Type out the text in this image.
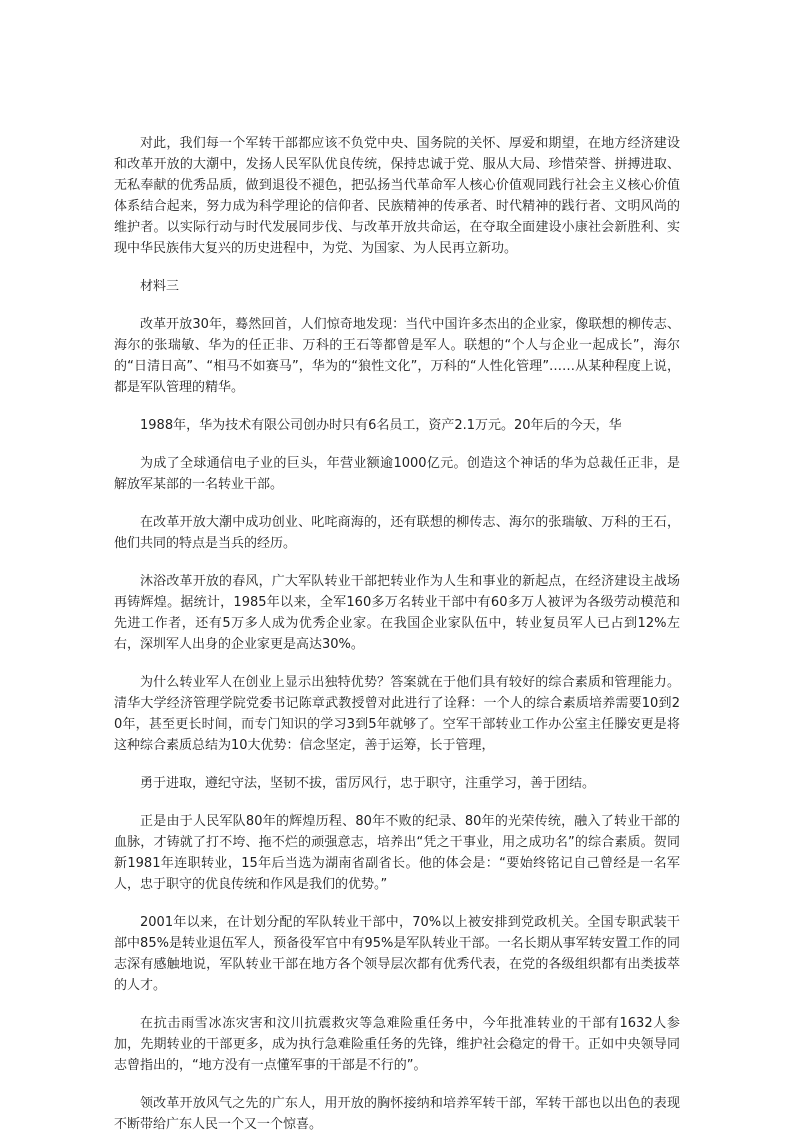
对此，我们每一个军转干部都应该不负党中央、国务院的关怀、厚爱和期望，在地方经济建设和改革开放的大潮中，发扬人民军队优良传统，保持忠诚于党、服从大局、珍惜荣誉、拼搏进取、无私奉献的优秀品质，做到退役不褪色，把弘扬当代革命军人核心价值观同践行社会主义核心价值体系结合起来，努力成为科学理论的信仰者、民族精神的传承者、时代精神的践行者、文明风尚的维护者。以实际行动与时代发展同步伐、与改革开放共命运，在夺取全面建设小康社会新胜利、实现中华民族伟大复兴的历史进程中，为党、为国家、为人民再立新功。

材料三

改革开放30年，蓦然回首，人们惊奇地发现：当代中国许多杰出的企业家，像联想的柳传志、海尔的张瑞敏、华为的任正非、万科的王石等都曾是军人。联想的“个人与企业一起成长”，海尔的“日清日高”、“相马不如赛马”，华为的“狼性文化”，万科的“人性化管理”……从某种程度上说，都是军队管理的精华。

1988年，华为技术有限公司创办时只有6名员工，资产2.1万元。20年后的今天，华

为成了全球通信电子业的巨头，年营业额逾1000亿元。创造这个神话的华为总裁任正非，是解放军某部的一名转业干部。

在改革开放大潮中成功创业、叱咤商海的，还有联想的柳传志、海尔的张瑞敏、万科的王石，他们共同的特点是当兵的经历。

沐浴改革开放的春风，广大军队转业干部把转业作为人生和事业的新起点，在经济建设主战场再铸辉煌。据统计，1985年以来，全军160多万名转业干部中有60多万人被评为各级劳动模范和先进工作者，还有5万多人成为优秀企业家。在我国企业家队伍中，转业复员军人已占到12%左右，深圳军人出身的企业家更是高达30%。

为什么转业军人在创业上显示出独特优势？答案就在于他们具有较好的综合素质和管理能力。清华大学经济管理学院党委书记陈章武教授曾对此进行了诠释：一个人的综合素质培养需要10到20年，甚至更长时间，而专门知识的学习3到5年就够了。空军干部转业工作办公室主任滕安更是将这种综合素质总结为10大优势：信念坚定，善于运筹，长于管理，

勇于进取，遵纪守法，坚韧不拔，雷厉风行，忠于职守，注重学习，善于团结。

正是由于人民军队80年的辉煌历程、80年不败的纪录、80年的光荣传统，融入了转业干部的血脉，才铸就了打不垮、拖不烂的顽强意志，培养出“凭之干事业，用之成功名”的综合素质。贺同新1981年连职转业，15年后当选为湖南省副省长。他的体会是：“要始终铭记自己曾经是一名军人，忠于职守的优良传统和作风是我们的优势。”

2001年以来，在计划分配的军队转业干部中，70%以上被安排到党政机关。全国专职武装干部中85%是转业退伍军人，预备役军官中有95%是军队转业干部。一名长期从事军转安置工作的同志深有感触地说，军队转业干部在地方各个领导层次都有优秀代表，在党的各级组织都有出类拔萃的人才。

在抗击雨雪冰冻灾害和汶川抗震救灾等急难险重任务中，今年批准转业的干部有1632人参加，先期转业的干部更多，成为执行急难险重任务的先锋，维护社会稳定的骨干。正如中央领导同志曾指出的，“地方没有一点懂军事的干部是不行的”。

领改革开放风气之先的广东人，用开放的胸怀接纳和培养军转干部，军转干部也以出色的表现不断带给广东人民一个又一个惊喜。
